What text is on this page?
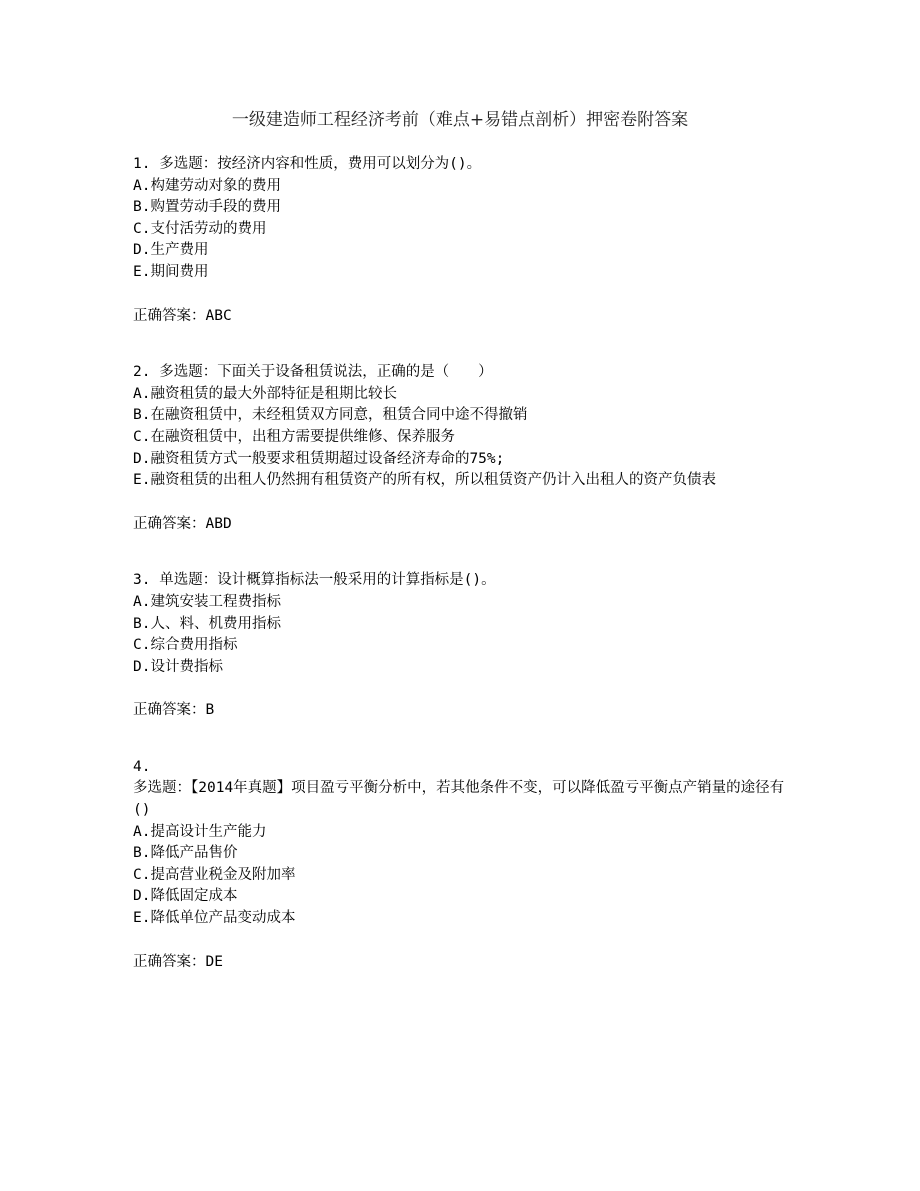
一级建造师工程经济考前（难点+易错点剖析）押密卷附答案
1. 多选题：按经济内容和性质，费用可以划分为()。
A.构建劳动对象的费用
B.购置劳动手段的费用
C.支付活劳动的费用
D.生产费用
E.期间费用
正确答案：ABC
2. 多选题：下面关于设备租赁说法，正确的是（　　）
A.融资租赁的最大外部特征是租期比较长
B.在融资租赁中，未经租赁双方同意，租赁合同中途不得撤销
C.在融资租赁中，出租方需要提供维修、保养服务
D.融资租赁方式一般要求租赁期超过设备经济寿命的75%;
E.融资租赁的出租人仍然拥有租赁资产的所有权，所以租赁资产仍计入出租人的资产负债表
正确答案：ABD
3. 单选题：设计概算指标法一般采用的计算指标是()。
A.建筑安装工程费指标
B.人、料、机费用指标
C.综合费用指标
D.设计费指标
正确答案：B
4.
多选题：【2014年真题】项目盈亏平衡分析中，若其他条件不变，可以降低盈亏平衡点产销量的途径有()
A.提高设计生产能力
B.降低产品售价
C.提高营业税金及附加率
D.降低固定成本
E.降低单位产品变动成本
正确答案：DE
